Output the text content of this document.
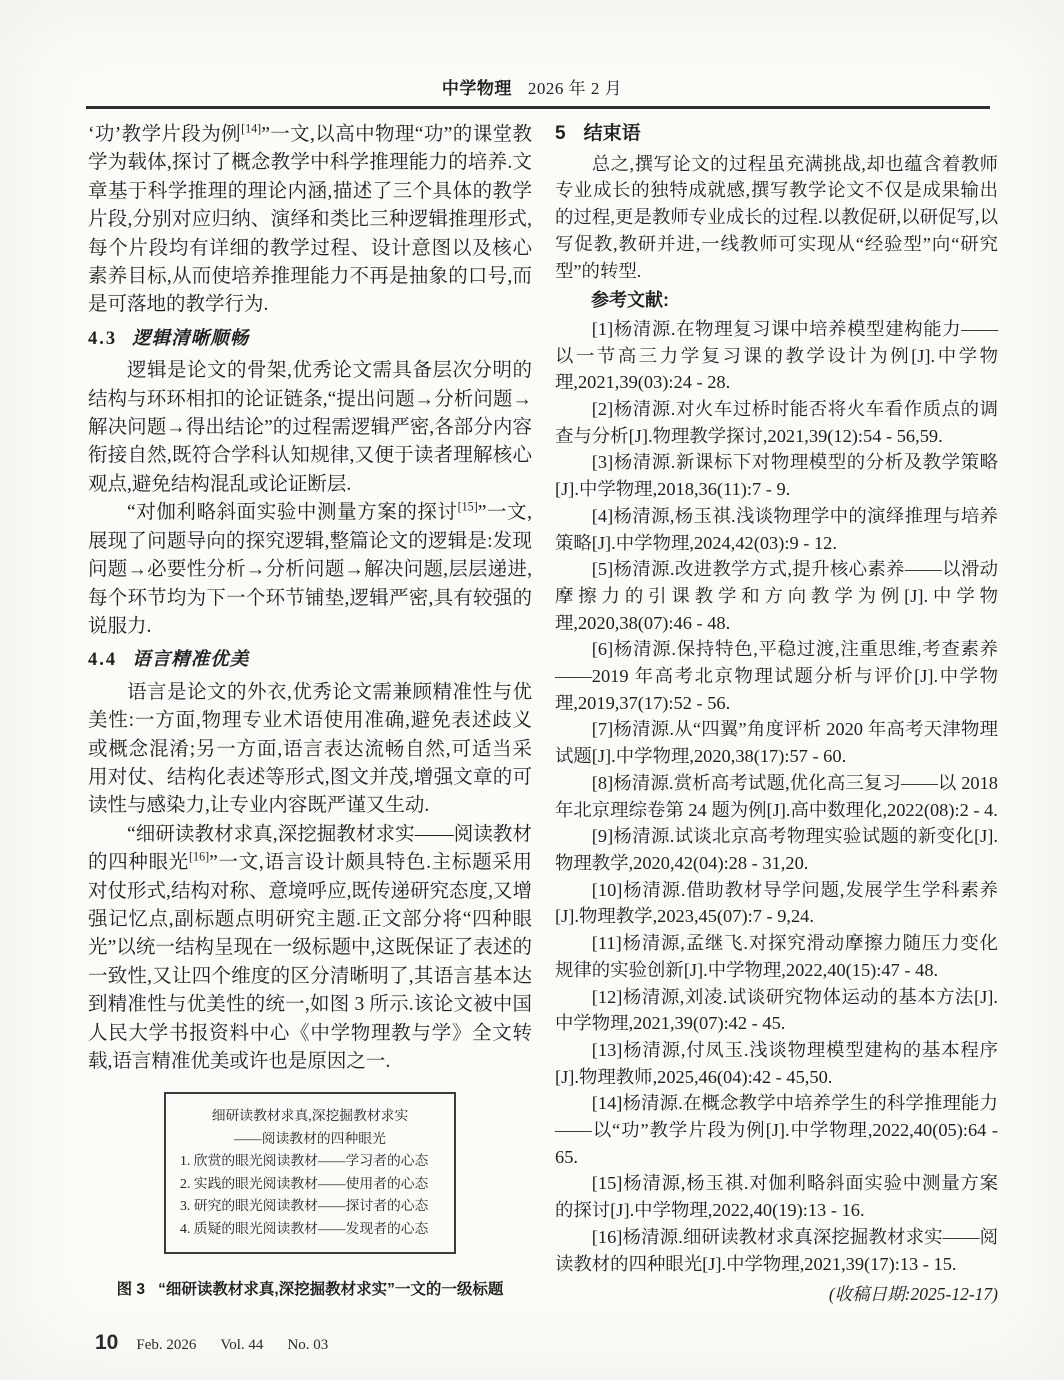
中学物理 2026 年 2 月

‘功’教学片段为例[14]”一文,以高中物理“功”的课堂教学为载体,探讨了概念教学中科学推理能力的培养.文章基于科学推理的理论内涵,描述了三个具体的教学片段,分别对应归纳、演绎和类比三种逻辑推理形式,每个片段均有详细的教学过程、设计意图以及核心素养目标,从而使培养推理能力不再是抽象的口号,而是可落地的教学行为.

4.3 逻辑清晰顺畅

逻辑是论文的骨架,优秀论文需具备层次分明的结构与环环相扣的论证链条,“提出问题→分析问题→解决问题→得出结论”的过程需逻辑严密,各部分内容衔接自然,既符合学科认知规律,又便于读者理解核心观点,避免结构混乱或论证断层.

“对伽利略斜面实验中测量方案的探讨[15]”一文,展现了问题导向的探究逻辑,整篇论文的逻辑是:发现问题→必要性分析→分析问题→解决问题,层层递进,每个环节均为下一个环节铺垫,逻辑严密,具有较强的说服力.

4.4 语言精准优美

语言是论文的外衣,优秀论文需兼顾精准性与优美性:一方面,物理专业术语使用准确,避免表述歧义或概念混淆;另一方面,语言表达流畅自然,可适当采用对仗、结构化表述等形式,图文并茂,增强文章的可读性与感染力,让专业内容既严谨又生动.

“细研读教材求真,深挖掘教材求实——阅读教材的四种眼光[16]”一文,语言设计颇具特色.主标题采用对仗形式,结构对称、意境呼应,既传递研究态度,又增强记忆点,副标题点明研究主题.正文部分将“四种眼光”以统一结构呈现在一级标题中,这既保证了表述的一致性,又让四个维度的区分清晰明了,其语言基本达到精准性与优美性的统一,如图 3 所示.该论文被中国人民大学书报资料中心《中学物理教与学》全文转载,语言精准优美或许也是原因之一.

细研读教材求真,深挖掘教材求实
——阅读教材的四种眼光
1. 欣赏的眼光阅读教材——学习者的心态
2. 实践的眼光阅读教材——使用者的心态
3. 研究的眼光阅读教材——探讨者的心态
4. 质疑的眼光阅读教材——发现者的心态
图 3 “细研读教材求真,深挖掘教材求实”一文的一级标题
5 结束语

总之,撰写论文的过程虽充满挑战,却也蕴含着教师专业成长的独特成就感,撰写教学论文不仅是成果输出的过程,更是教师专业成长的过程.以教促研,以研促写,以写促教,教研并进,一线教师可实现从“经验型”向“研究型”的转型.

参考文献:

[1]杨清源.在物理复习课中培养模型建构能力——以一节高三力学复习课的教学设计为例[J].中学物理,2021,39(03):24 - 28.

[2]杨清源.对火车过桥时能否将火车看作质点的调查与分析[J].物理教学探讨,2021,39(12):54 - 56,59.

[3]杨清源.新课标下对物理模型的分析及教学策略[J].中学物理,2018,36(11):7 - 9.

[4]杨清源,杨玉祺.浅谈物理学中的演绎推理与培养策略[J].中学物理,2024,42(03):9 - 12.

[5]杨清源.改进教学方式,提升核心素养——以滑动摩擦力的引课教学和方向教学为例[J].中学物理,2020,38(07):46 - 48.

[6]杨清源.保持特色,平稳过渡,注重思维,考查素养——2019 年高考北京物理试题分析与评价[J].中学物理,2019,37(17):52 - 56.

[7]杨清源.从“四翼”角度评析 2020 年高考天津物理试题[J].中学物理,2020,38(17):57 - 60.

[8]杨清源.赏析高考试题,优化高三复习——以 2018 年北京理综卷第 24 题为例[J].高中数理化,2022(08):2 - 4.

[9]杨清源.试谈北京高考物理实验试题的新变化[J].物理教学,2020,42(04):28 - 31,20.

[10]杨清源.借助教材导学问题,发展学生学科素养[J].物理教学,2023,45(07):7 - 9,24.

[11]杨清源,孟继飞.对探究滑动摩擦力随压力变化规律的实验创新[J].中学物理,2022,40(15):47 - 48.

[12]杨清源,刘凌.试谈研究物体运动的基本方法[J].中学物理,2021,39(07):42 - 45.

[13]杨清源,付凤玉.浅谈物理模型建构的基本程序[J].物理教师,2025,46(04):42 - 45,50.

[14]杨清源.在概念教学中培养学生的科学推理能力——以“功”教学片段为例[J].中学物理,2022,40(05):64 - 65.

[15]杨清源,杨玉祺.对伽利略斜面实验中测量方案的探讨[J].中学物理,2022,40(19):13 - 16.

[16]杨清源.细研读教材求真深挖掘教材求实——阅读教材的四种眼光[J].中学物理,2021,39(17):13 - 15.

(收稿日期:2025-12-17)

10 Feb. 2026 Vol. 44 No. 03
